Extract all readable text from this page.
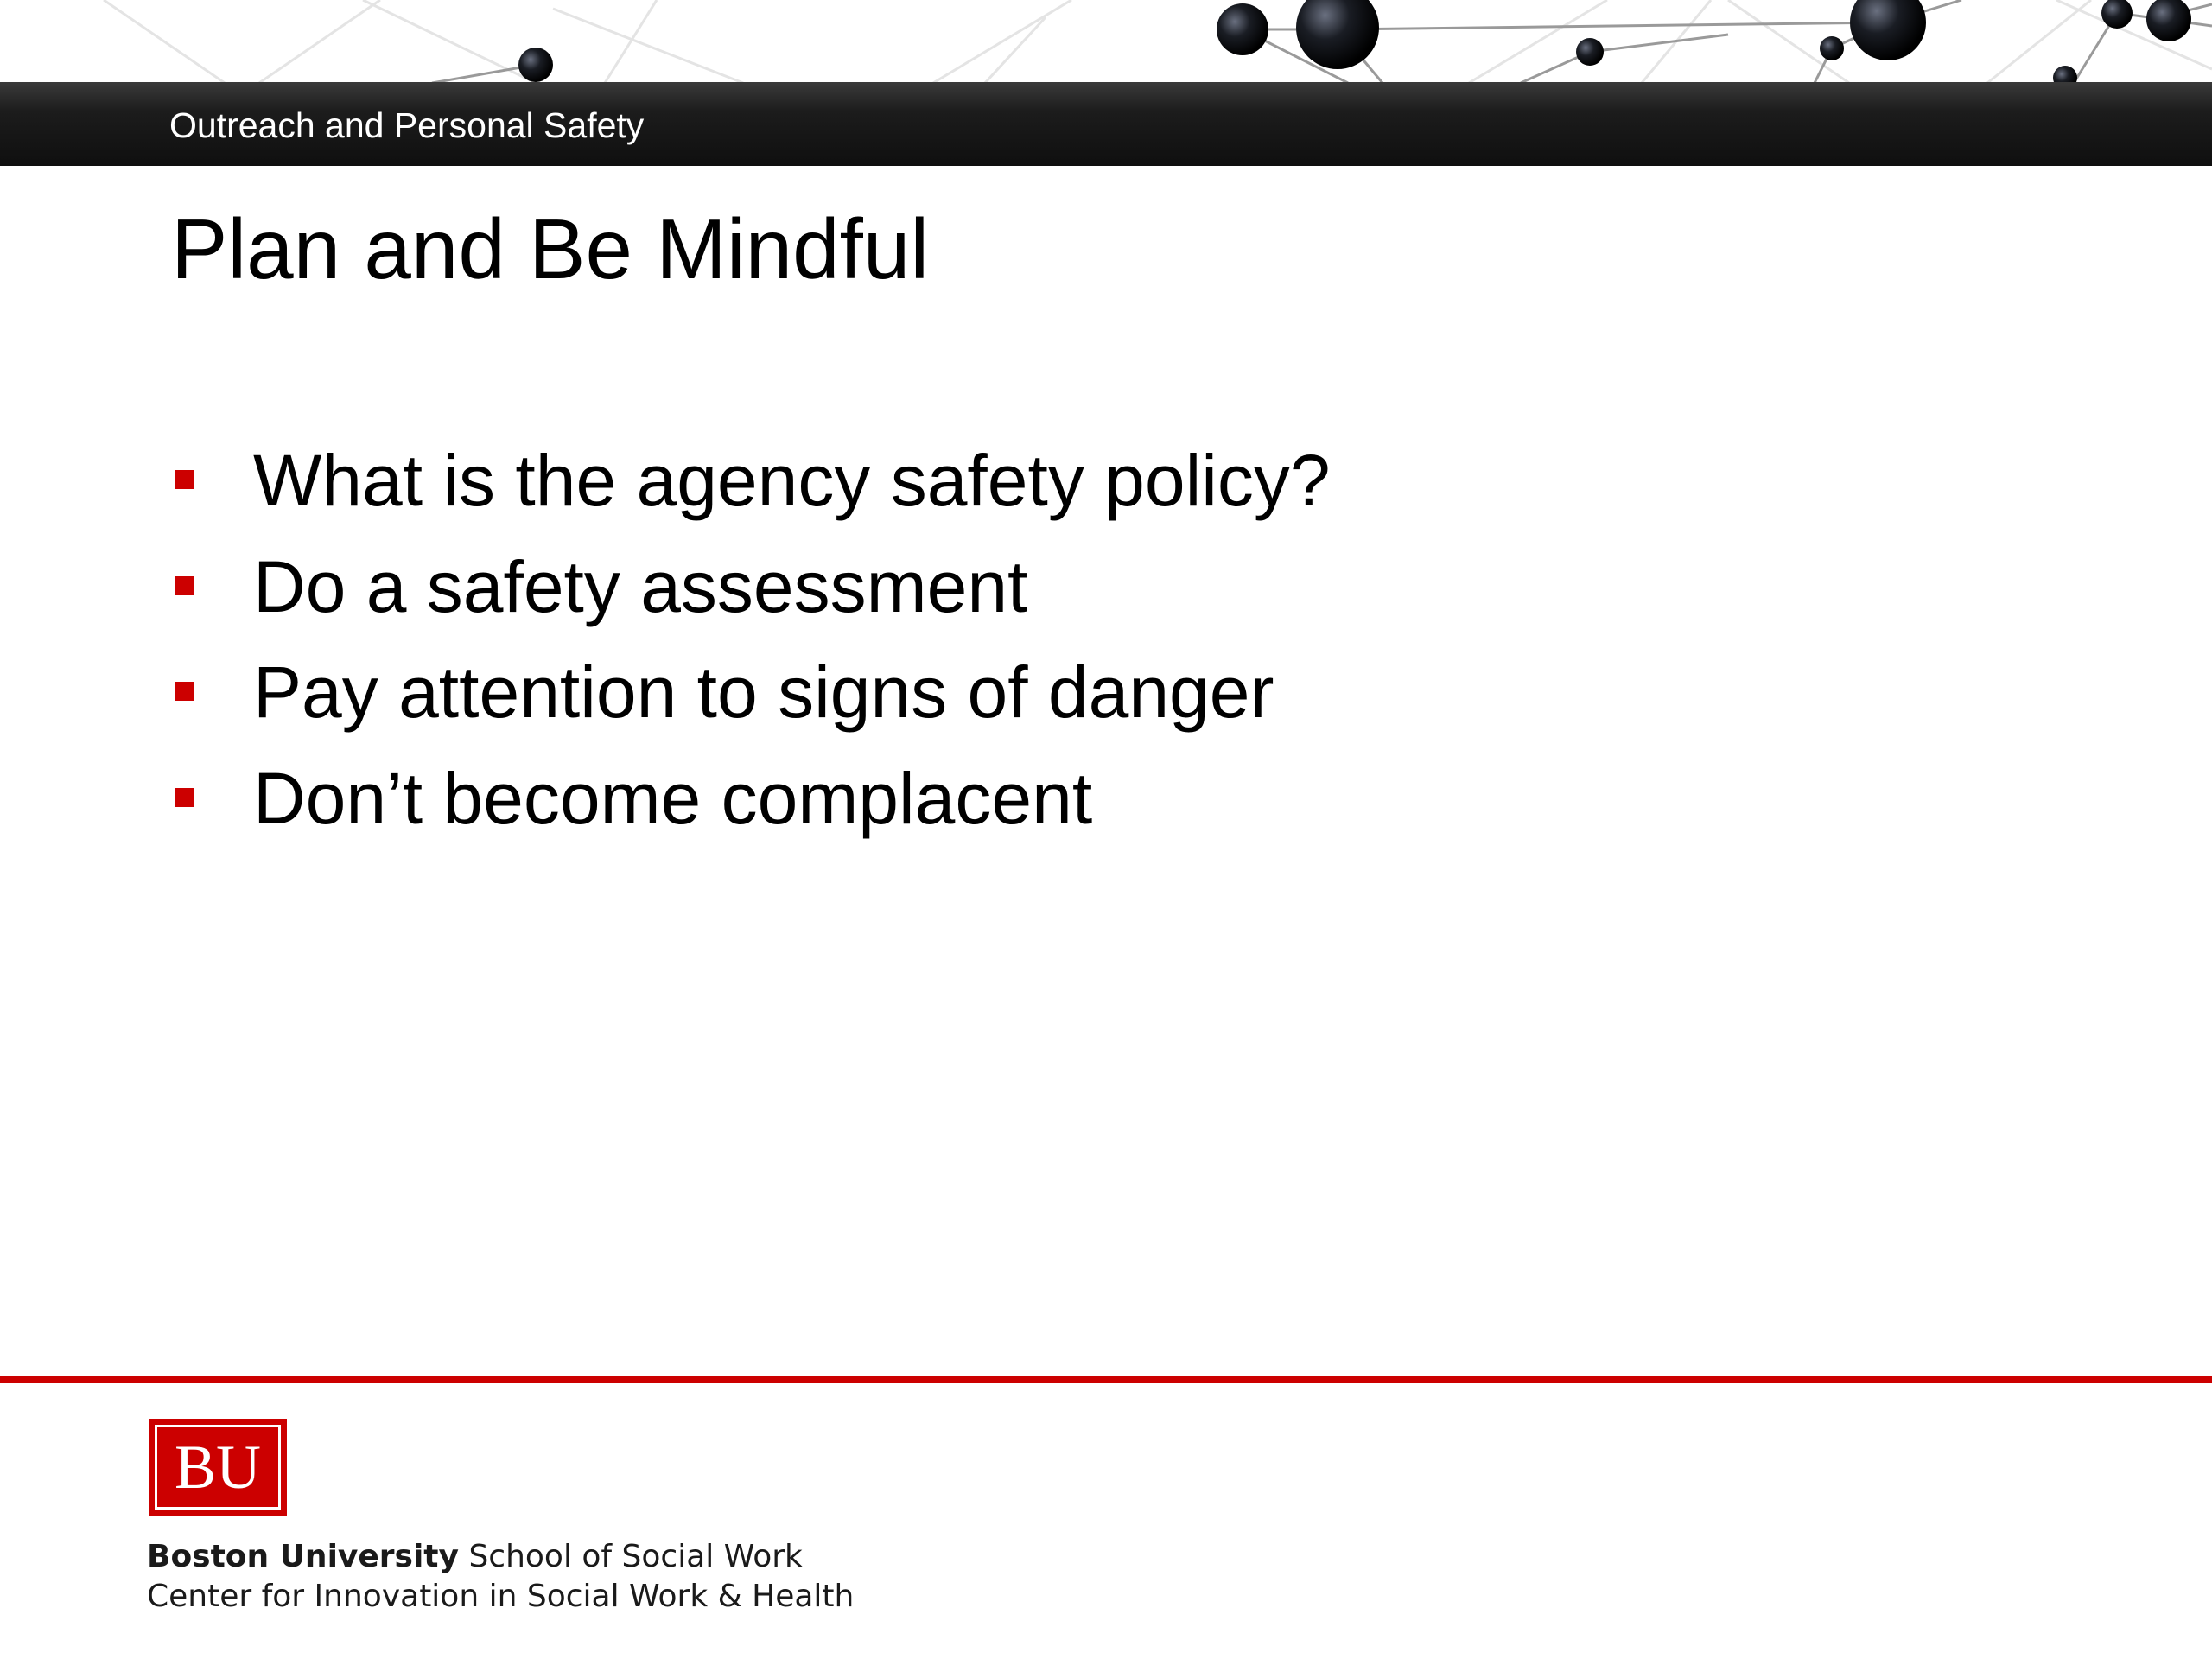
Outreach and Personal Safety
Plan and Be Mindful
What is the agency safety policy?
Do a safety assessment
Pay attention to signs of danger
Don’t become complacent
BU
Boston University School of Social Work
Center for Innovation in Social Work & Health
